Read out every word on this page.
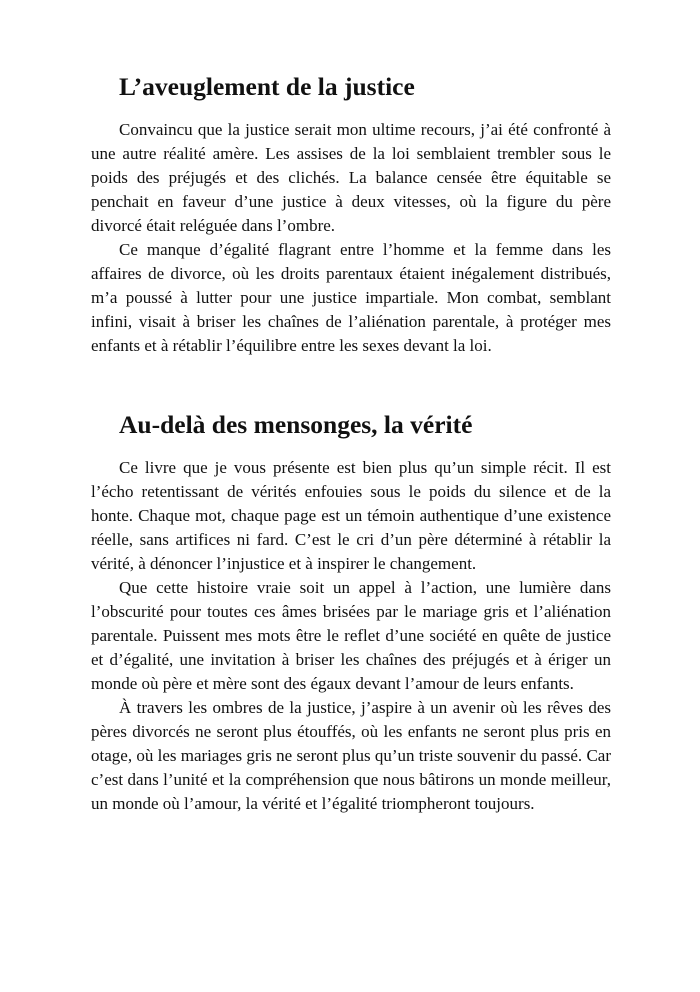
L’aveuglement de la justice

Convaincu que la justice serait mon ultime recours, j’ai été confronté à une autre réalité amère. Les assises de la loi semblaient trembler sous le poids des préjugés et des clichés. La balance censée être équitable se penchait en faveur d’une justice à deux vitesses, où la figure du père divorcé était reléguée dans l’ombre.

Ce manque d’égalité flagrant entre l’homme et la femme dans les affaires de divorce, où les droits parentaux étaient inégalement distribués, m’a poussé à lutter pour une justice impartiale. Mon combat, semblant infini, visait à briser les chaînes de l’aliénation parentale, à protéger mes enfants et à rétablir l’équilibre entre les sexes devant la loi.

Au-delà des mensonges, la vérité

Ce livre que je vous présente est bien plus qu’un simple récit. Il est l’écho retentissant de vérités enfouies sous le poids du silence et de la honte. Chaque mot, chaque page est un témoin authentique d’une existence réelle, sans artifices ni fard. C’est le cri d’un père déterminé à rétablir la vérité, à dénoncer l’injustice et à inspirer le changement.

Que cette histoire vraie soit un appel à l’action, une lumière dans l’obscurité pour toutes ces âmes brisées par le mariage gris et l’aliénation parentale. Puissent mes mots être le reflet d’une société en quête de justice et d’égalité, une invitation à briser les chaînes des préjugés et à ériger un monde où père et mère sont des égaux devant l’amour de leurs enfants.

À travers les ombres de la justice, j’aspire à un avenir où les rêves des pères divorcés ne seront plus étouffés, où les enfants ne seront plus pris en otage, où les mariages gris ne seront plus qu’un triste souvenir du passé. Car c’est dans l’unité et la compréhension que nous bâtirons un monde meilleur, un monde où l’amour, la vérité et l’égalité triompheront toujours.
